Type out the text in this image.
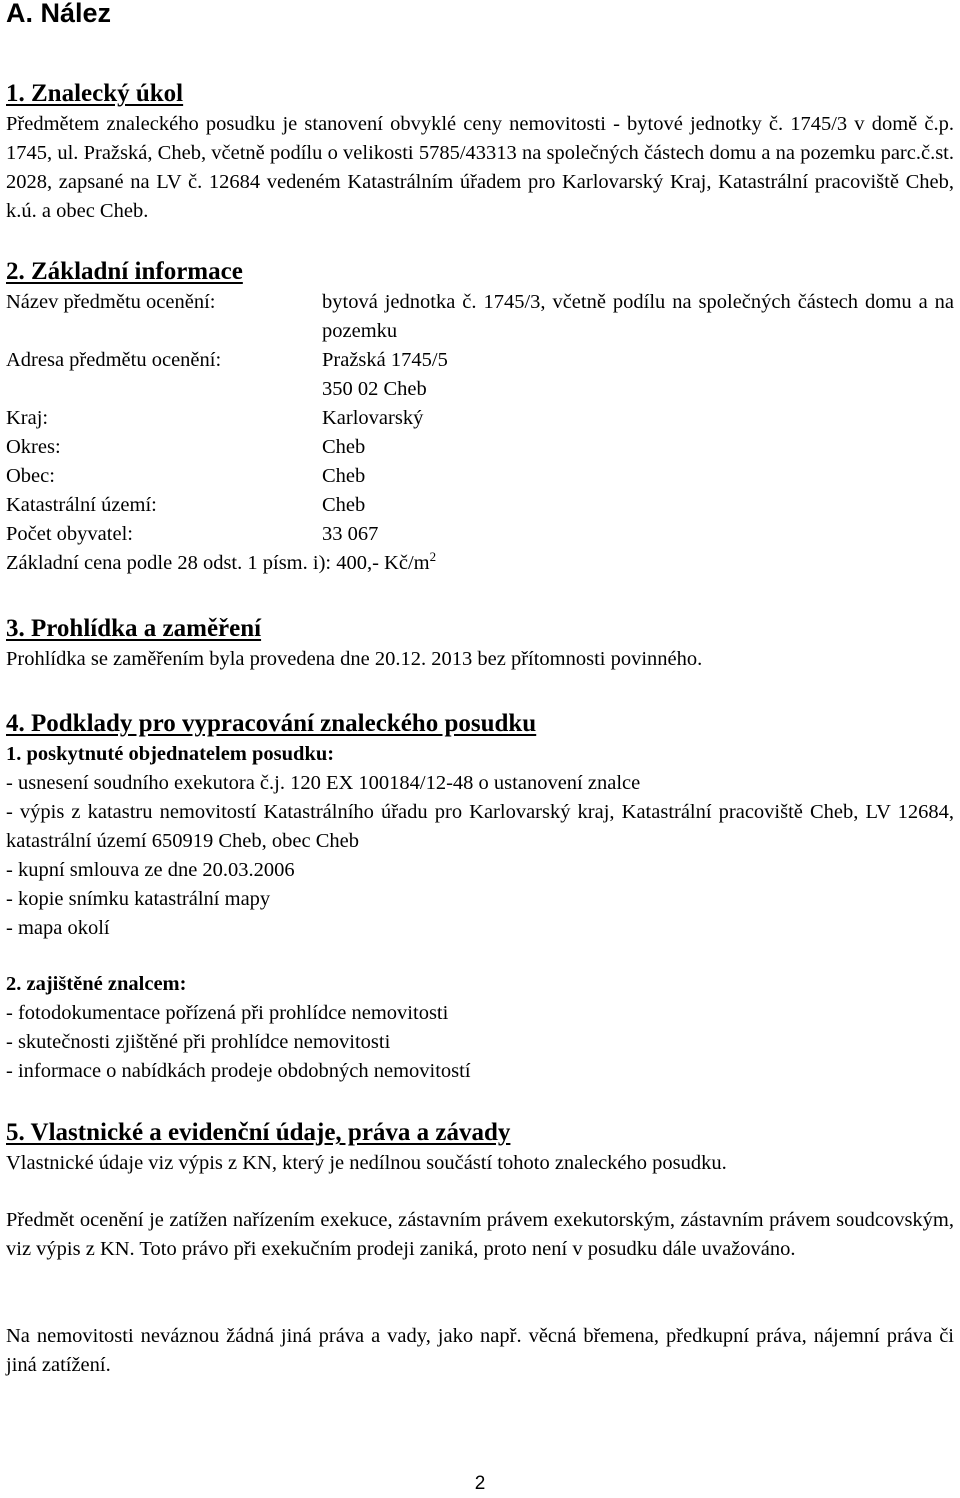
A. Nález
1. Znalecký úkol

Předmětem znaleckého posudku je stanovení obvyklé ceny nemovitosti - bytové jednotky č. 1745/3 v domě č.p. 1745, ul. Pražská, Cheb, včetně podílu o velikosti 5785/43313 na společných částech domu a na pozemku parc.č.st. 2028, zapsané na LV č. 12684 vedeném Katastrálním úřadem pro Karlovarský Kraj, Katastrální pracoviště Cheb, k.ú. a obec Cheb.

2. Základní informace
Název předmětu ocenění:	bytová jednotka č. 1745/3, včetně podílu na společných částech domu a na pozemku
Adresa předmětu ocenění:	Pražská 1745/5
350 02 Cheb
Kraj:	Karlovarský
Okres:	Cheb
Obec:	Cheb
Katastrální území:	Cheb
Počet obyvatel:	33 067

Základní cena podle 28 odst. 1 písm. i): 400,- $Kč/m^2$

3. Prohlídka a zaměření

Prohlídka se zaměřením byla provedena dne 20.12. 2013 bez přítomnosti povinného.

4. Podklady pro vypracování znaleckého posudku

1. poskytnuté objednatelem posudku:

- usnesení soudního exekutora č.j. 120 EX 100184/12-48 o ustanovení znalce
- výpis z katastru nemovitostí Katastrálního úřadu pro Karlovarský kraj, Katastrální pracoviště Cheb, LV 12684, katastrální území 650919 Cheb, obec Cheb
- kupní smlouva ze dne 20.03.2006
- kopie snímku katastrální mapy
- mapa okolí

2. zajištěné znalcem:

- fotodokumentace pořízená při prohlídce nemovitosti
- skutečnosti zjištěné při prohlídce nemovitosti
- informace o nabídkách prodeje obdobných nemovitostí
5. Vlastnické a evidenční údaje, práva a závady

Vlastnické údaje viz výpis z KN, který je nedílnou součástí tohoto znaleckého posudku.

Předmět ocenění je zatížen nařízením exekuce, zástavním právem exekutorským, zástavním právem soudcovským, viz výpis z KN. Toto právo při exekučním prodeji zaniká, proto není v posudku dále uvažováno.

Na nemovitosti neváznou žádná jiná práva a vady, jako např. věcná břemena, předkupní práva, nájemní práva či jiná zatížení.

2
